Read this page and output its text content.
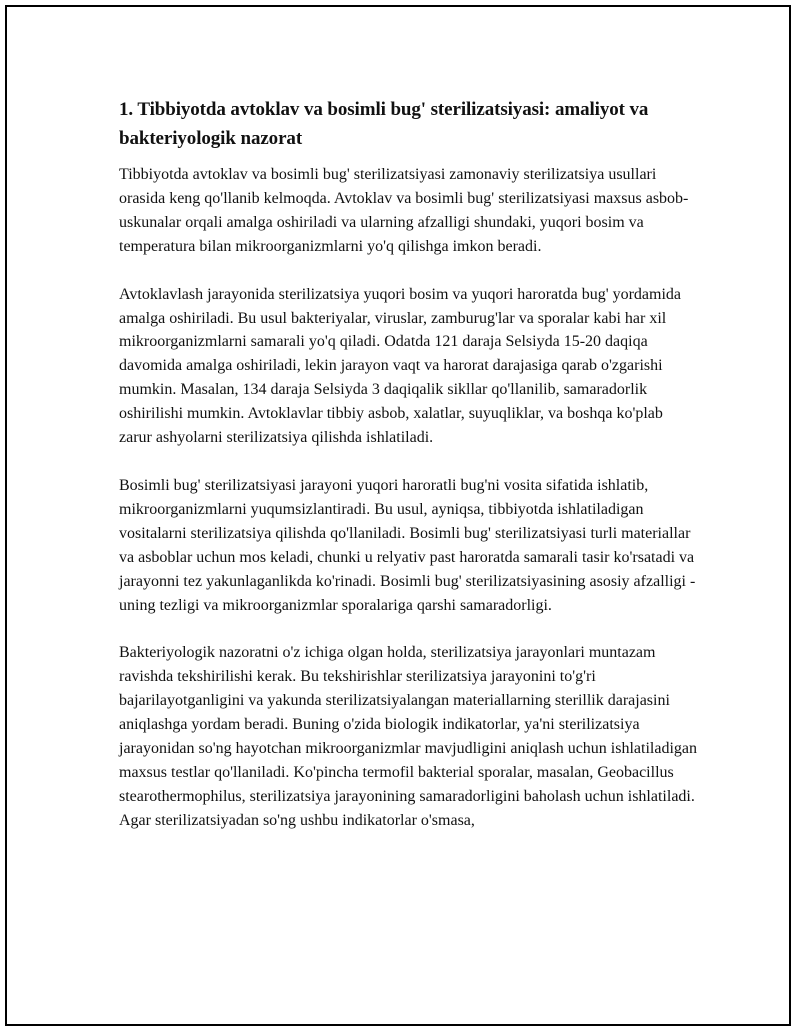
1. Tibbiyotda avtoklav va bosimli bug' sterilizatsiyasi: amaliyot va bakteriyologik nazorat

Tibbiyotda avtoklav va bosimli bug' sterilizatsiyasi zamonaviy sterilizatsiya usullari orasida keng qo'llanib kelmoqda. Avtoklav va bosimli bug' sterilizatsiyasi maxsus asbob-uskunalar orqali amalga oshiriladi va ularning afzalligi shundaki, yuqori bosim va temperatura bilan mikroorganizmlarni yo'q qilishga imkon beradi.

Avtoklavlash jarayonida sterilizatsiya yuqori bosim va yuqori haroratda bug' yordamida amalga oshiriladi. Bu usul bakteriyalar, viruslar, zamburug'lar va sporalar kabi har xil mikroorganizmlarni samarali yo'q qiladi. Odatda 121 daraja Selsiyda 15-20 daqiqa davomida amalga oshiriladi, lekin jarayon vaqt va harorat darajasiga qarab o'zgarishi mumkin. Masalan, 134 daraja Selsiyda 3 daqiqalik sikllar qo'llanilib, samaradorlik oshirilishi mumkin. Avtoklavlar tibbiy asbob, xalatlar, suyuqliklar, va boshqa ko'plab zarur ashyolarni sterilizatsiya qilishda ishlatiladi.

Bosimli bug' sterilizatsiyasi jarayoni yuqori haroratli bug'ni vosita sifatida ishlatib, mikroorganizmlarni yuqumsizlantiradi. Bu usul, ayniqsa, tibbiyotda ishlatiladigan vositalarni sterilizatsiya qilishda qo'llaniladi. Bosimli bug' sterilizatsiyasi turli materiallar va asboblar uchun mos keladi, chunki u relyativ past haroratda samarali tasir ko'rsatadi va jarayonni tez yakunlaganlikda ko'rinadi. Bosimli bug' sterilizatsiyasining asosiy afzalligi - uning tezligi va mikroorganizmlar sporalariga qarshi samaradorligi.

Bakteriyologik nazoratni o'z ichiga olgan holda, sterilizatsiya jarayonlari muntazam ravishda tekshirilishi kerak. Bu tekshirishlar sterilizatsiya jarayonini to'g'ri bajarilayotganligini va yakunda sterilizatsiyalangan materiallarning sterillik darajasini aniqlashga yordam beradi. Buning o'zida biologik indikatorlar, ya'ni sterilizatsiya jarayonidan so'ng hayotchan mikroorganizmlar mavjudligini aniqlash uchun ishlatiladigan maxsus testlar qo'llaniladi. Ko'pincha termofil bakterial sporalar, masalan, Geobacillus stearothermophilus, sterilizatsiya jarayonining samaradorligini baholash uchun ishlatiladi. Agar sterilizatsiyadan so'ng ushbu indikatorlar o'smasa,
